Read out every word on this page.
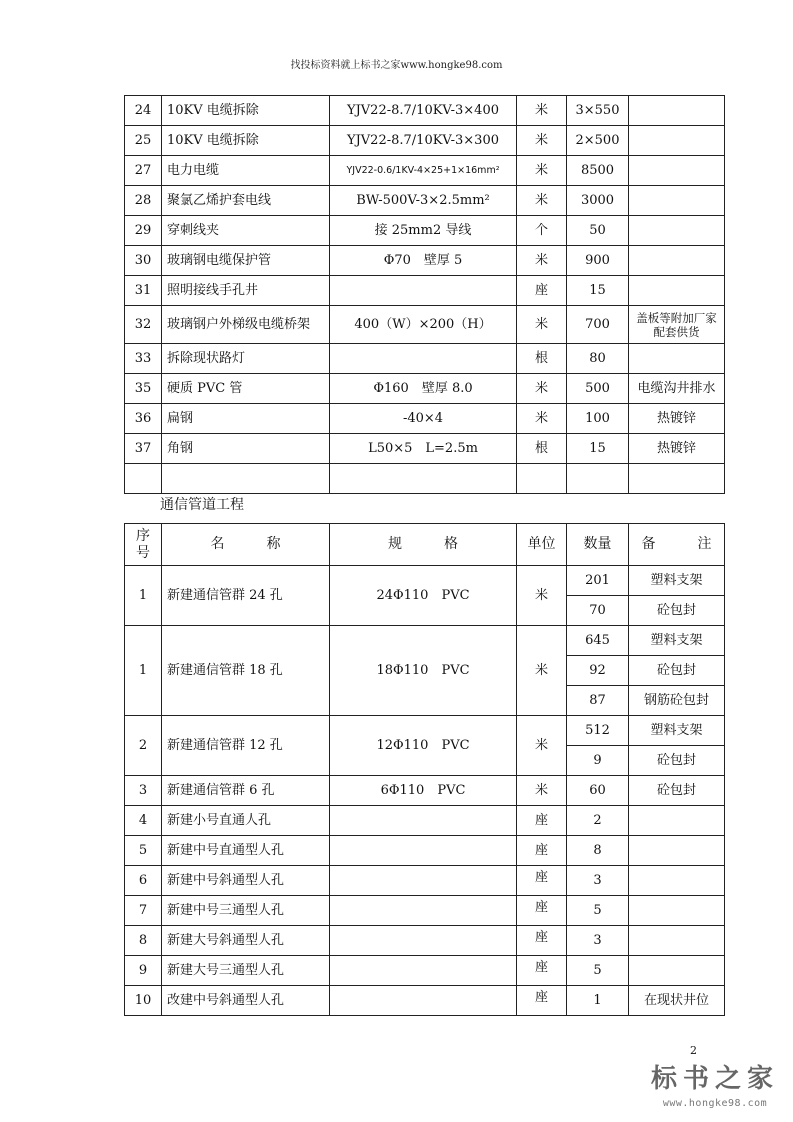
找投标资料就上标书之家www.hongke98.com
24	10KV 电缆拆除	YJV22-8.7/10KV-3×400	米	3×550	
25	10KV 电缆拆除	YJV22-8.7/10KV-3×300	米	2×500	
27	电力电缆	YJV22-0.6/1KV-4×25+1×16mm²	米	8500	
28	聚氯乙烯护套电线	BW-500V-3×2.5mm²	米	3000	
29	穿刺线夹	接 25mm2 导线	个	50	
30	玻璃钢电缆保护管	Φ70　壁厚 5	米	900	
31	照明接线手孔井		座	15	
32	玻璃钢户外梯级电缆桥架	400（W）×200（H）	米	700	盖板等附加厂家配套供货
33	拆除现状路灯		根	80	
35	硬质 PVC 管	Φ160　壁厚 8.0	米	500	电缆沟井排水
36	扁钢	-40×4	米	100	热镀锌
37	角钢	L50×5　L=2.5m	根	15	热镀锌

通信管道工程
序号	名　　　称	规　　　格	单位	数量	备　　　注
1	新建通信管群 24 孔	24Φ110　PVC	米	201	塑料支架
				70	砼包封
1	新建通信管群 18 孔	18Φ110　PVC	米	645	塑料支架
				92	砼包封
				87	钢筋砼包封
2	新建通信管群 12 孔	12Φ110　PVC	米	512	塑料支架
				9	砼包封
3	新建通信管群 6 孔	6Φ110　PVC	米	60	砼包封
4	新建小号直通人孔		座	2	
5	新建中号直通型人孔		座	8	
6	新建中号斜通型人孔		座	3	
7	新建中号三通型人孔		座	5	
8	新建大号斜通型人孔		座	3	
9	新建大号三通型人孔		座	5	
10	改建中号斜通型人孔		座	1	在现状井位
2
标书之家
www.hongke98.com
